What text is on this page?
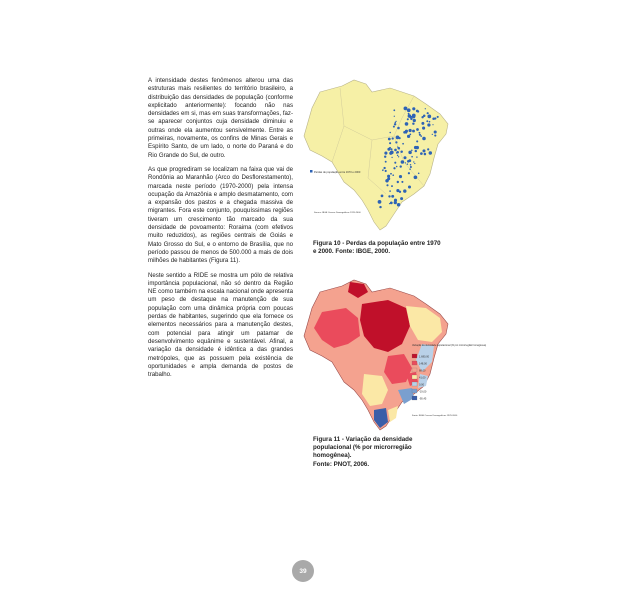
A intensidade destes fenômenos alterou uma das estruturas mais resilientes do território brasileiro, a distribuição das densidades de população (conforme explicitado anteriormente): focando não nas densidades em si, mas em suas transformações, faz-se aparecer conjuntos cuja densidade diminuiu e outras onde ela aumentou sensivelmente. Entre as primeiras, novamente, os confins de Minas Gerais e Espírito Santo, de um lado, o norte do Paraná e do Rio Grande do Sul, de outro.

As que progrediram se localizam na faixa que vai de Rondônia ao Maranhão (Arco do Desflorestamento), marcada neste período (1970-2000) pela intensa ocupação da Amazônia e amplo desmatamento, com a expansão dos pastos e a chegada massiva de migrantes. Fora este conjunto, pouquíssimas regiões tiveram um crescimento tão marcado da sua densidade de povoamento: Roraima (com efetivos muito reduzidos), as regiões centrais de Goiás e Mato Grosso do Sul, e o entorno de Brasília, que no período passou de menos de 500.000 a mais de dois milhões de habitantes (Figura 11).

Neste sentido a RIDE se mostra um pólo de relativa importância populacional, não só dentro da Região NE como também na escala nacional onde apresenta um peso de destaque na manutenção de sua população com uma dinâmica própria com poucas perdas de habitantes, sugerindo que ela fornece os elementos necessários para a manutenção destes, com potencial para atingir um patamar de desenvolvimento equânime e sustentável. Afinal, a variação da densidade é idêntica a das grandes metrópoles, que as possuem pela existência de oportunidades e ampla demanda de postos de trabalho.

Perdas de população entre 1970 e 2000
Source: IBGE Censos Demográficos 1970-2000
Figura 10 - Perdas da população entre 1970 e 2000. Fonte: IBGE, 2000.
Variação da densidade populacional (% por microrregião homogênea)
1.680,00
148,00
88,00
41,00
0,00
-19,00
-95,45
Fonte: IBGE Censos Demográficos 1970-2000
Figura 11 - Variação da densidade
populacional (% por microrregião
homogênea).
Fonte: PNOT, 2006.
39
